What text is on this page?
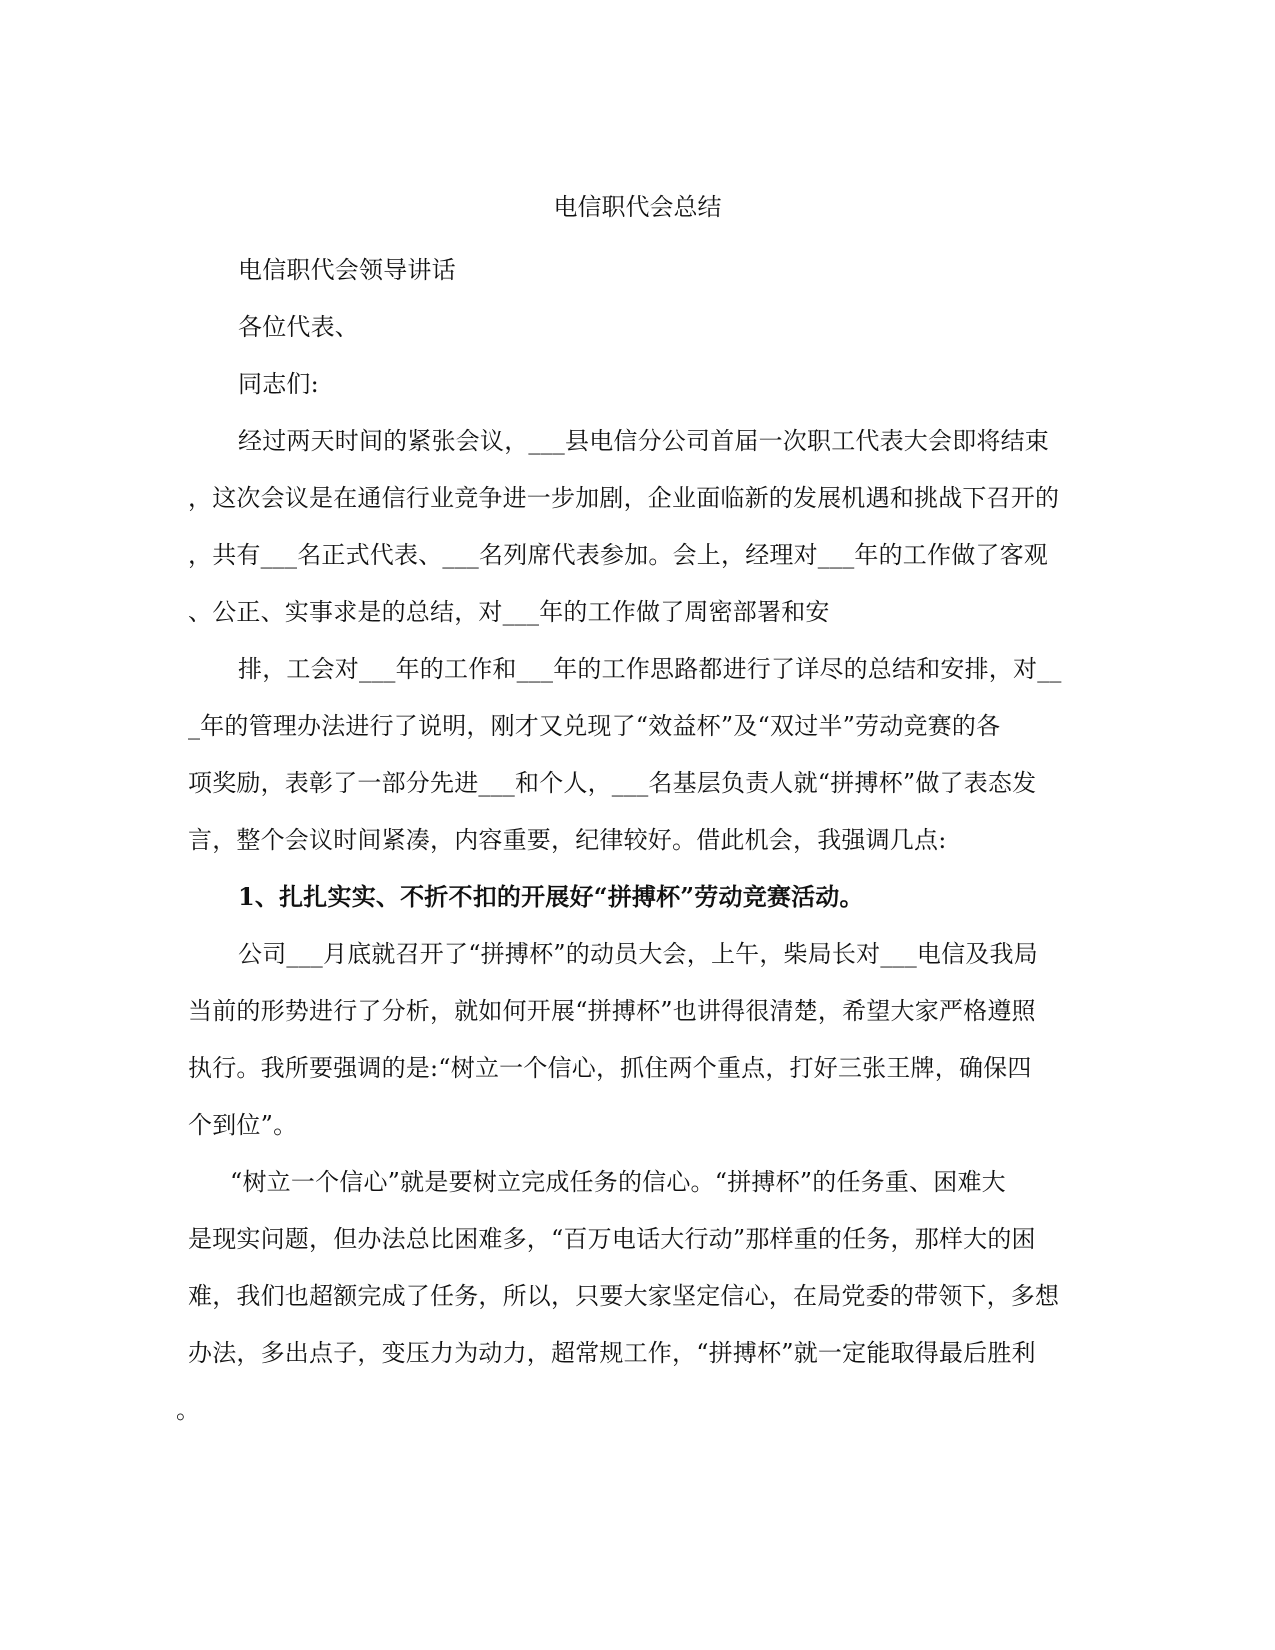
电信职代会总结
电信职代会领导讲话
各位代表、
同志们:
经过两天时间的紧张会议，___县电信分公司首届一次职工代表大会即将结束
，这次会议是在通信行业竞争进一步加剧，企业面临新的发展机遇和挑战下召开的
，共有___名正式代表、___名列席代表参加。会上，经理对___年的工作做了客观
、公正、实事求是的总结，对___年的工作做了周密部署和安
排，工会对___年的工作和___年的工作思路都进行了详尽的总结和安排，对__
_年的管理办法进行了说明，刚才又兑现了“效益杯”及“双过半”劳动竞赛的各
项奖励，表彰了一部分先进___和个人，___名基层负责人就“拼搏杯”做了表态发
言，整个会议时间紧凑，内容重要，纪律较好。借此机会，我强调几点:
1、扎扎实实、不折不扣的开展好“拼搏杯”劳动竞赛活动。
公司___月底就召开了“拼搏杯”的动员大会，上午，柴局长对___电信及我局
当前的形势进行了分析，就如何开展“拼搏杯”也讲得很清楚，希望大家严格遵照
执行。我所要强调的是:“树立一个信心，抓住两个重点，打好三张王牌，确保四
个到位”。
“树立一个信心”就是要树立完成任务的信心。“拼搏杯”的任务重、困难大
是现实问题，但办法总比困难多，“百万电话大行动”那样重的任务，那样大的困
难，我们也超额完成了任务，所以，只要大家坚定信心，在局党委的带领下，多想
办法，多出点子，变压力为动力，超常规工作，“拼搏杯”就一定能取得最后胜利
。
